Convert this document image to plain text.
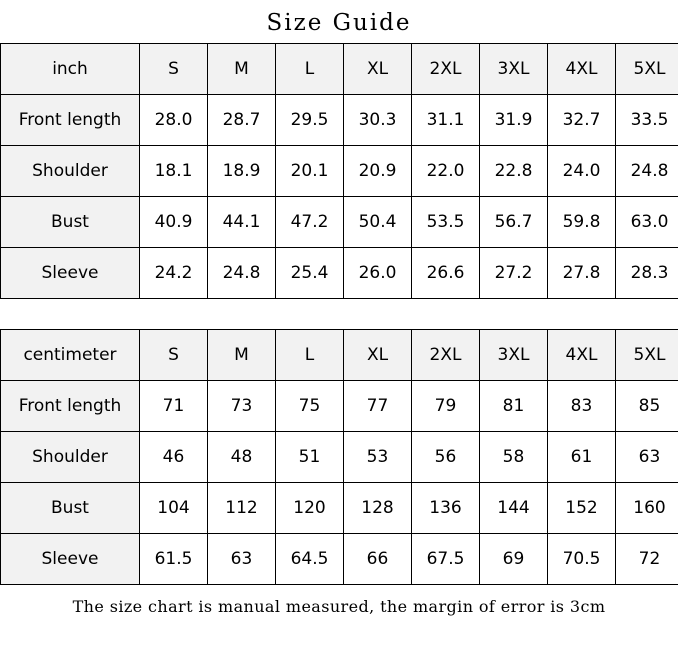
Size Guide
inch	S	M	L	XL	2XL	3XL	4XL	5XL
Front length	28.0	28.7	29.5	30.3	31.1	31.9	32.7	33.5
Shoulder	18.1	18.9	20.1	20.9	22.0	22.8	24.0	24.8
Bust	40.9	44.1	47.2	50.4	53.5	56.7	59.8	63.0
Sleeve	24.2	24.8	25.4	26.0	26.6	27.2	27.8	28.3
centimeter	S	M	L	XL	2XL	3XL	4XL	5XL
Front length	71	73	75	77	79	81	83	85
Shoulder	46	48	51	53	56	58	61	63
Bust	104	112	120	128	136	144	152	160
Sleeve	61.5	63	64.5	66	67.5	69	70.5	72
The size chart is manual measured, the margin of error is 3cm
